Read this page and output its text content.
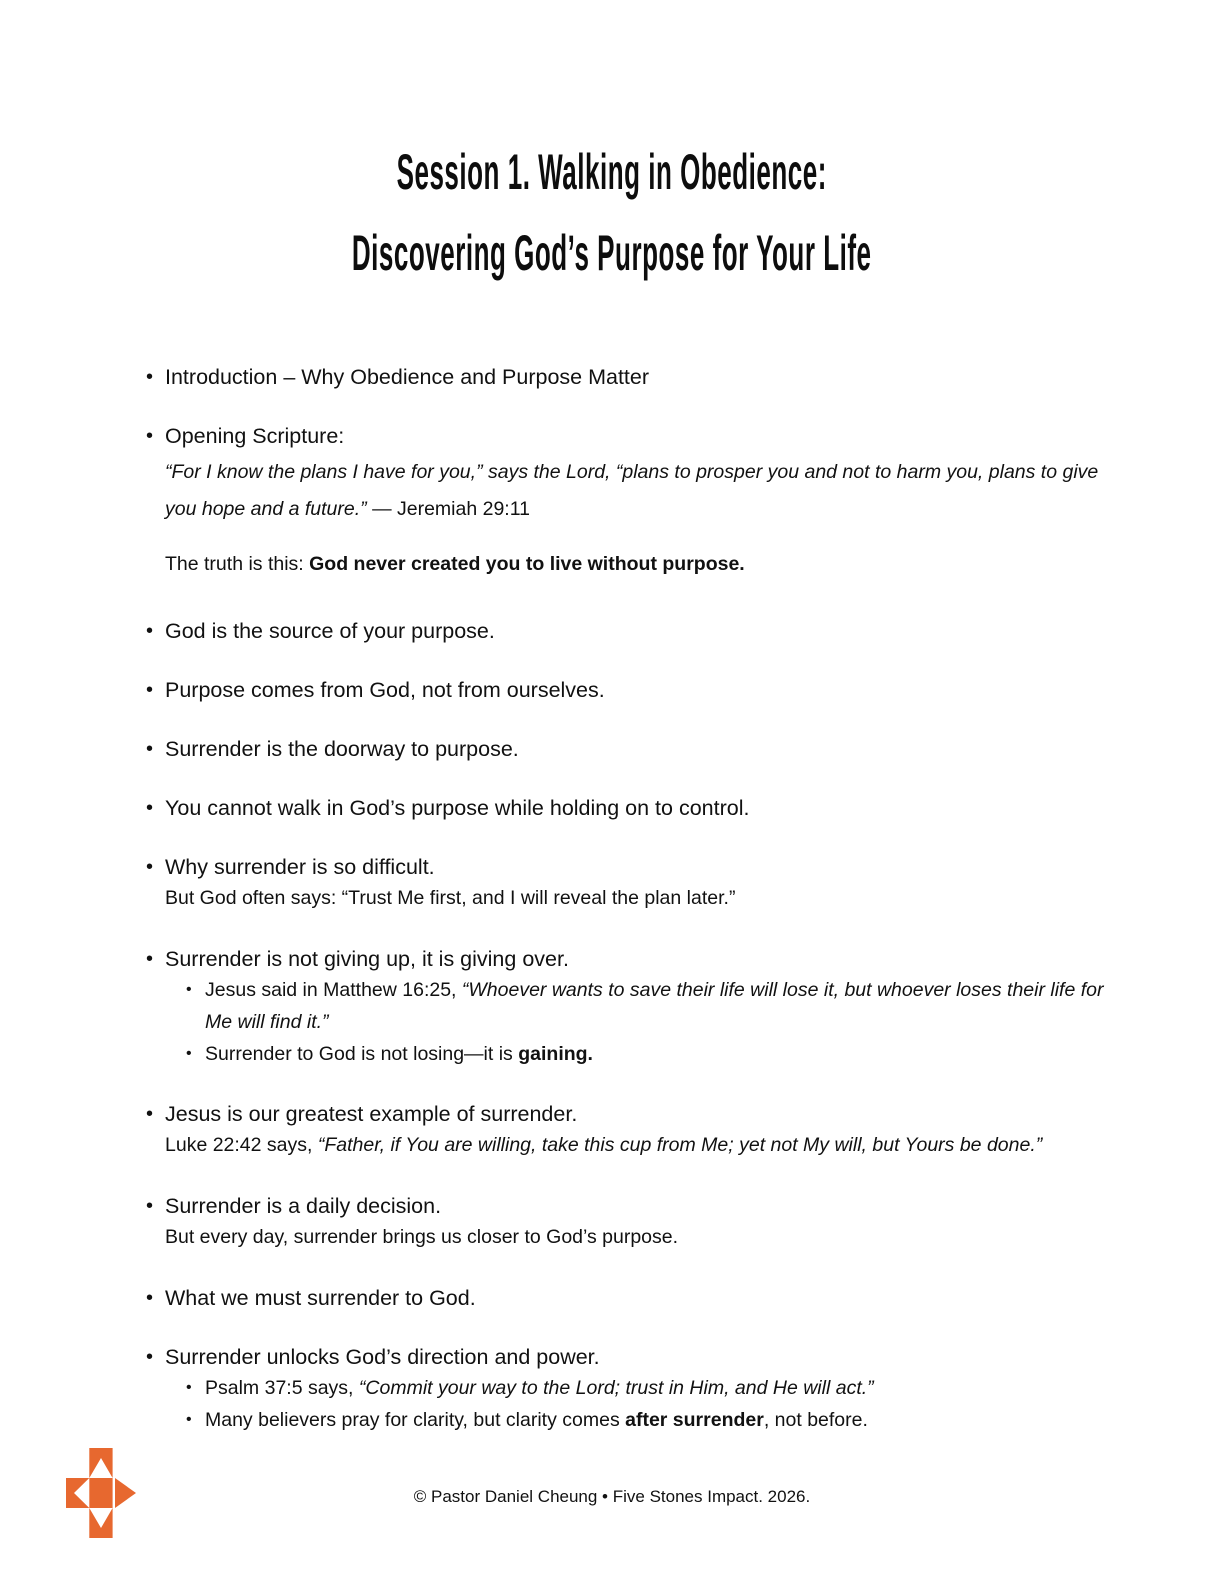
Session 1. Walking in Obedience:
Discovering God’s Purpose for Your Life
• Introduction – Why Obedience and Purpose Matter
• Opening Scripture:
“For I know the plans I have for you,” says the Lord, “plans to prosper you and not to harm you, plans to give you hope and a future.” — Jeremiah 29:11
The truth is this: God never created you to live without purpose.
• God is the source of your purpose.
• Purpose comes from God, not from ourselves.
• Surrender is the doorway to purpose.
• You cannot walk in God’s purpose while holding on to control.
• Why surrender is so difficult.
But God often says: “Trust Me first, and I will reveal the plan later.”
• Surrender is not giving up, it is giving over.
• Jesus said in Matthew 16:25, “Whoever wants to save their life will lose it, but whoever loses their life for Me will find it.”
• Surrender to God is not losing—it is gaining.
• Jesus is our greatest example of surrender.
Luke 22:42 says, “Father, if You are willing, take this cup from Me; yet not My will, but Yours be done.”
• Surrender is a daily decision.
But every day, surrender brings us closer to God’s purpose.
• What we must surrender to God.
• Surrender unlocks God’s direction and power.
• Psalm 37:5 says, “Commit your way to the Lord; trust in Him, and He will act.”
• Many believers pray for clarity, but clarity comes after surrender, not before.
© Pastor Daniel Cheung • Five Stones Impact. 2026.
